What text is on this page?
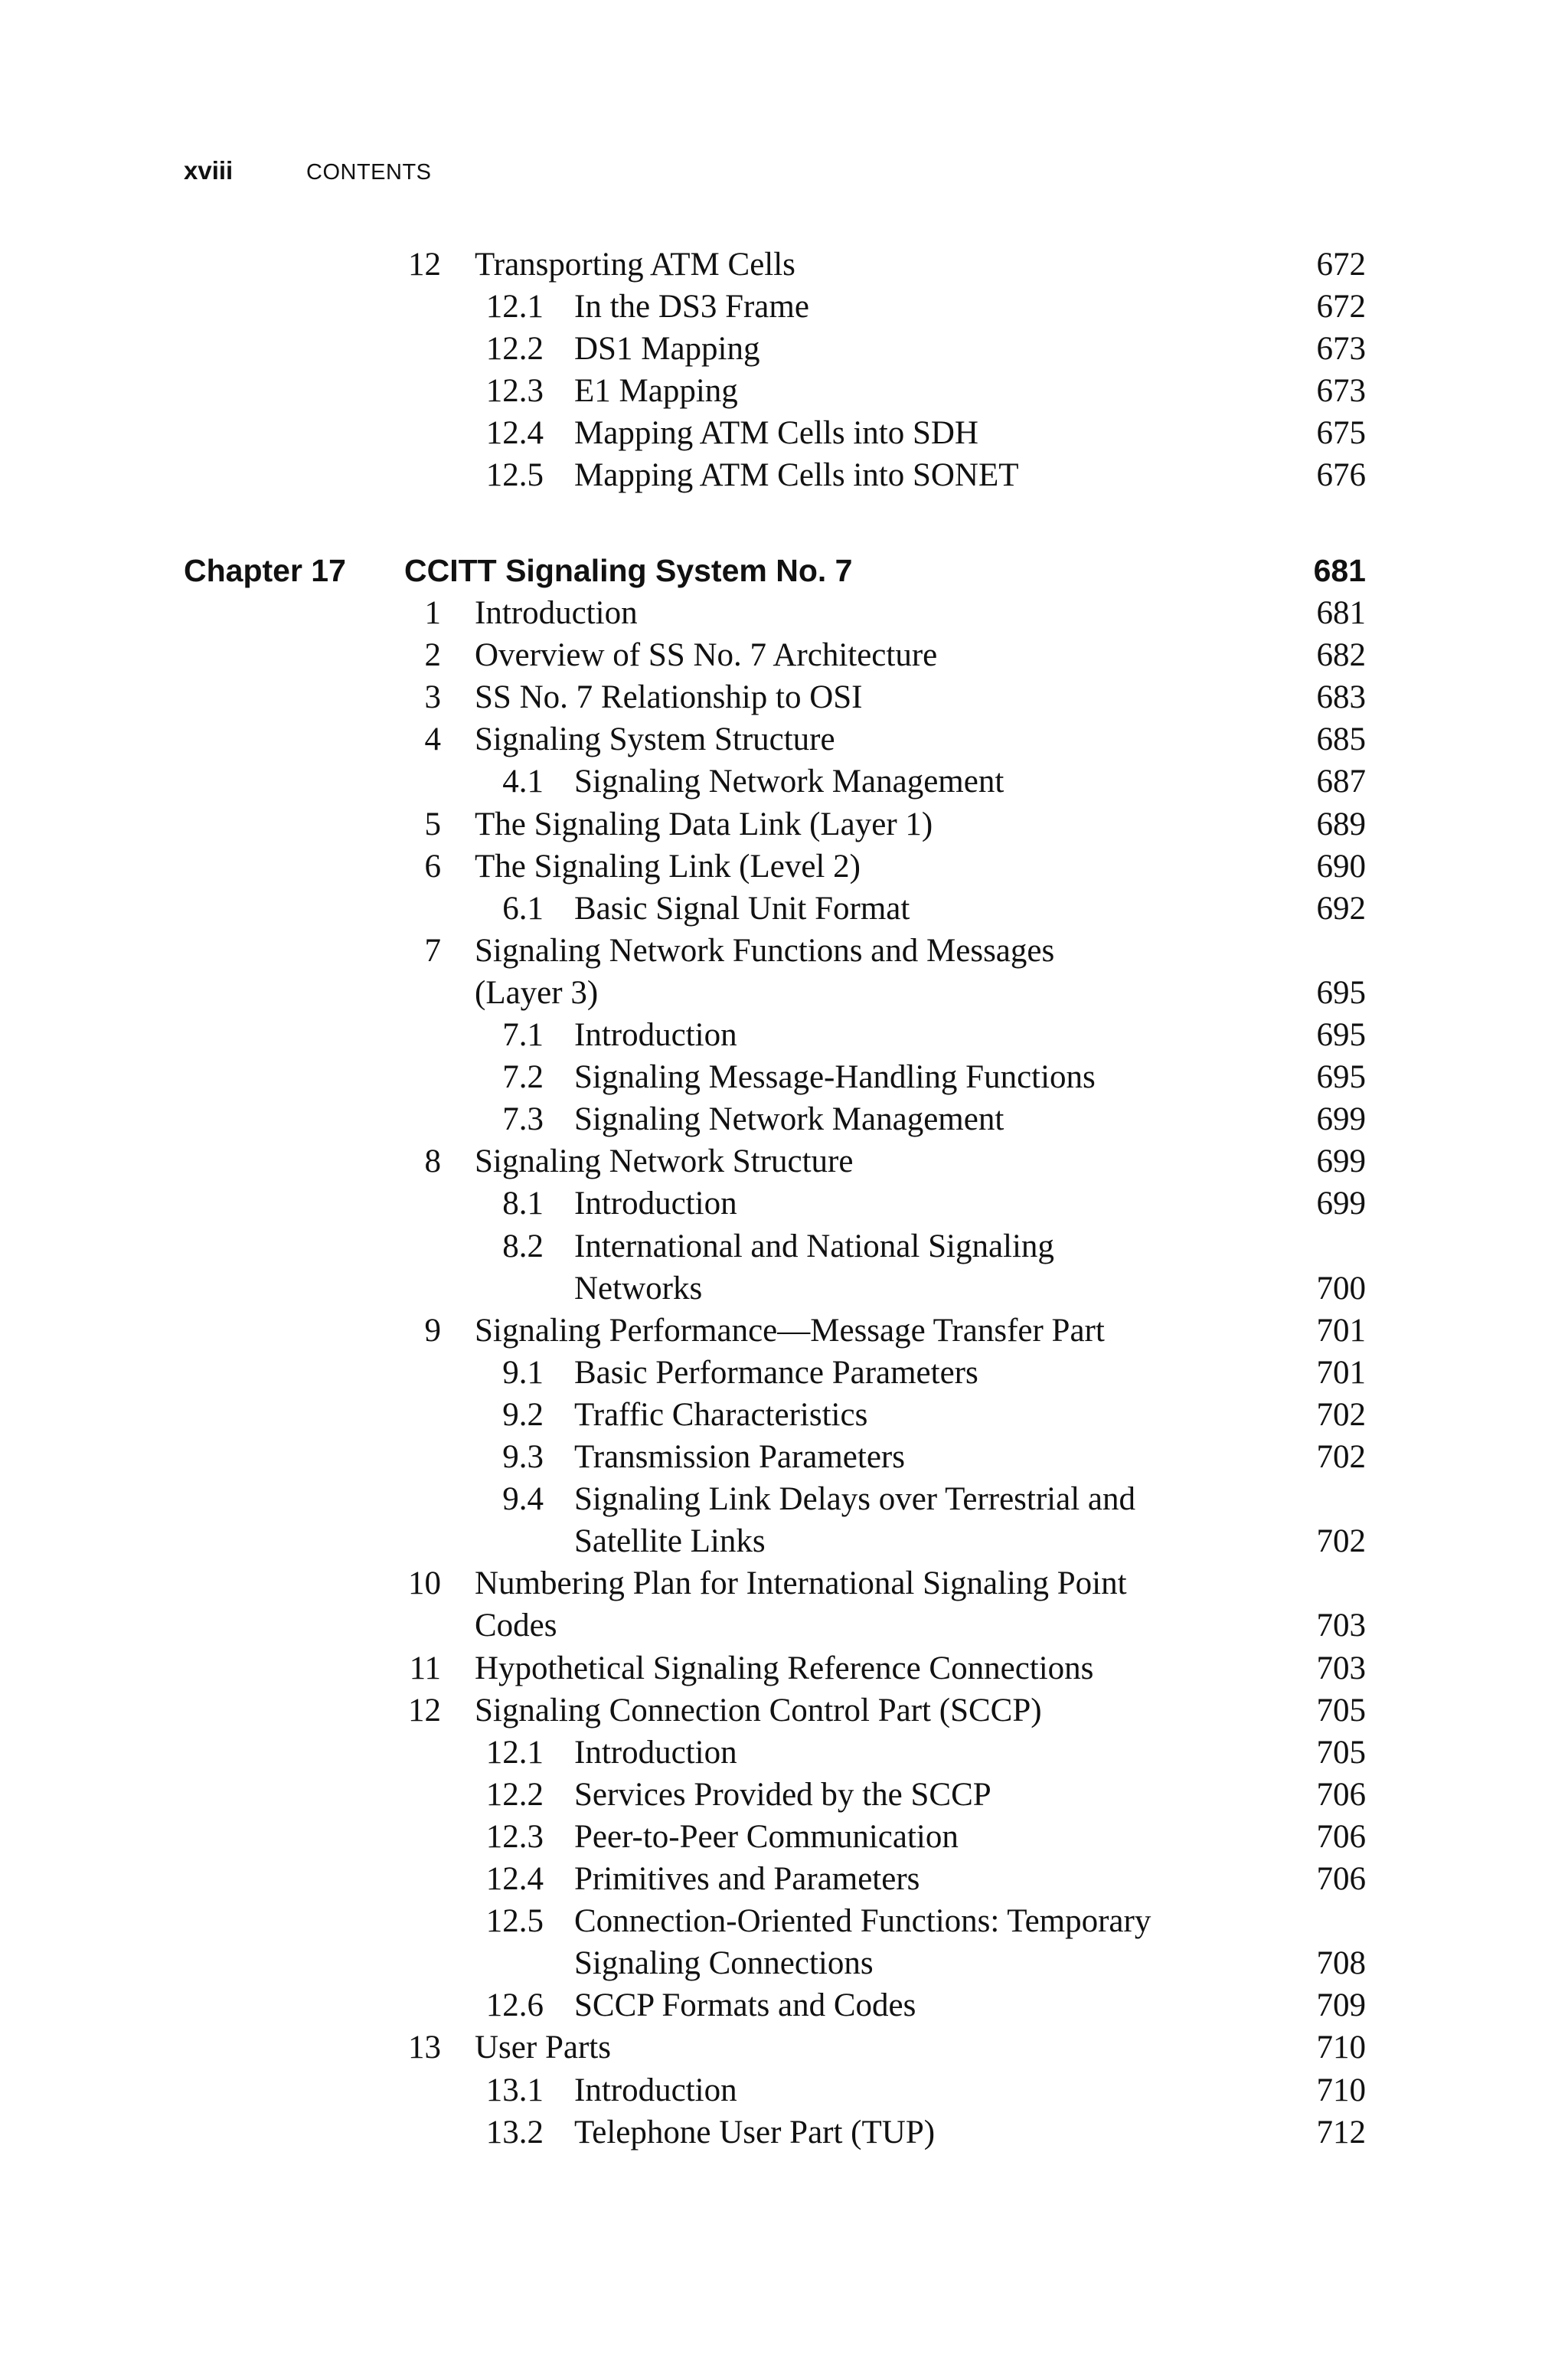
xviii	CONTENTS
12 Transporting ATM Cells	672
12.1 In the DS3 Frame	672
12.2 DS1 Mapping	673
12.3 E1 Mapping	673
12.4 Mapping ATM Cells into SDH	675
12.5 Mapping ATM Cells into SONET	676
Chapter 17 CCITT Signaling System No. 7	681
1 Introduction	681
2 Overview of SS No. 7 Architecture	682
3 SS No. 7 Relationship to OSI	683
4 Signaling System Structure	685
4.1 Signaling Network Management	687
5 The Signaling Data Link (Layer 1)	689
6 The Signaling Link (Level 2)	690
6.1 Basic Signal Unit Format	692
7 Signaling Network Functions and Messages
(Layer 3)	695
7.1 Introduction	695
7.2 Signaling Message-Handling Functions	695
7.3 Signaling Network Management	699
8 Signaling Network Structure	699
8.1 Introduction	699
8.2 International and National Signaling
Networks	700
9 Signaling Performance—Message Transfer Part	701
9.1 Basic Performance Parameters	701
9.2 Traffic Characteristics	702
9.3 Transmission Parameters	702
9.4 Signaling Link Delays over Terrestrial and
Satellite Links	702
10 Numbering Plan for International Signaling Point
Codes	703
11 Hypothetical Signaling Reference Connections	703
12 Signaling Connection Control Part (SCCP)	705
12.1 Introduction	705
12.2 Services Provided by the SCCP	706
12.3 Peer-to-Peer Communication	706
12.4 Primitives and Parameters	706
12.5 Connection-Oriented Functions: Temporary
Signaling Connections	708
12.6 SCCP Formats and Codes	709
13 User Parts	710
13.1 Introduction	710
13.2 Telephone User Part (TUP)	712
